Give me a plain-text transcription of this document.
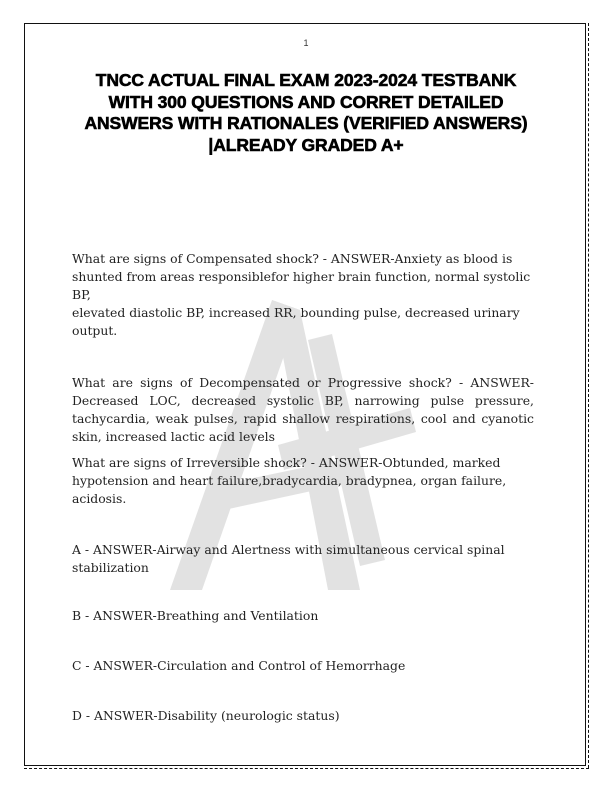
1
TNCC ACTUAL FINAL EXAM 2023-2024 TESTBANK
WITH 300 QUESTIONS AND CORRET DETAILED
ANSWERS WITH RATIONALES (VERIFIED ANSWERS)
|ALREADY GRADED A+
What are signs of Compensated shock? - ANSWER-Anxiety as blood is
shunted from areas responsiblefor higher brain function, normal systolic BP,
elevated diastolic BP, increased RR, bounding pulse, decreased urinary
output.
What are signs of Decompensated or Progressive shock? - ANSWER-Decreased LOC, decreased systolic BP, narrowing pulse pressure, tachycardia, weak pulses, rapid shallow respirations, cool and cyanotic skin, increased lactic acid levels
What are signs of Irreversible shock? - ANSWER-Obtunded, marked
hypotension and heart failure,bradycardia, bradypnea, organ failure,
acidosis.
A - ANSWER-Airway and Alertness with simultaneous cervical spinal
stabilization
B - ANSWER-Breathing and Ventilation
C - ANSWER-Circulation and Control of Hemorrhage
D - ANSWER-Disability (neurologic status)
